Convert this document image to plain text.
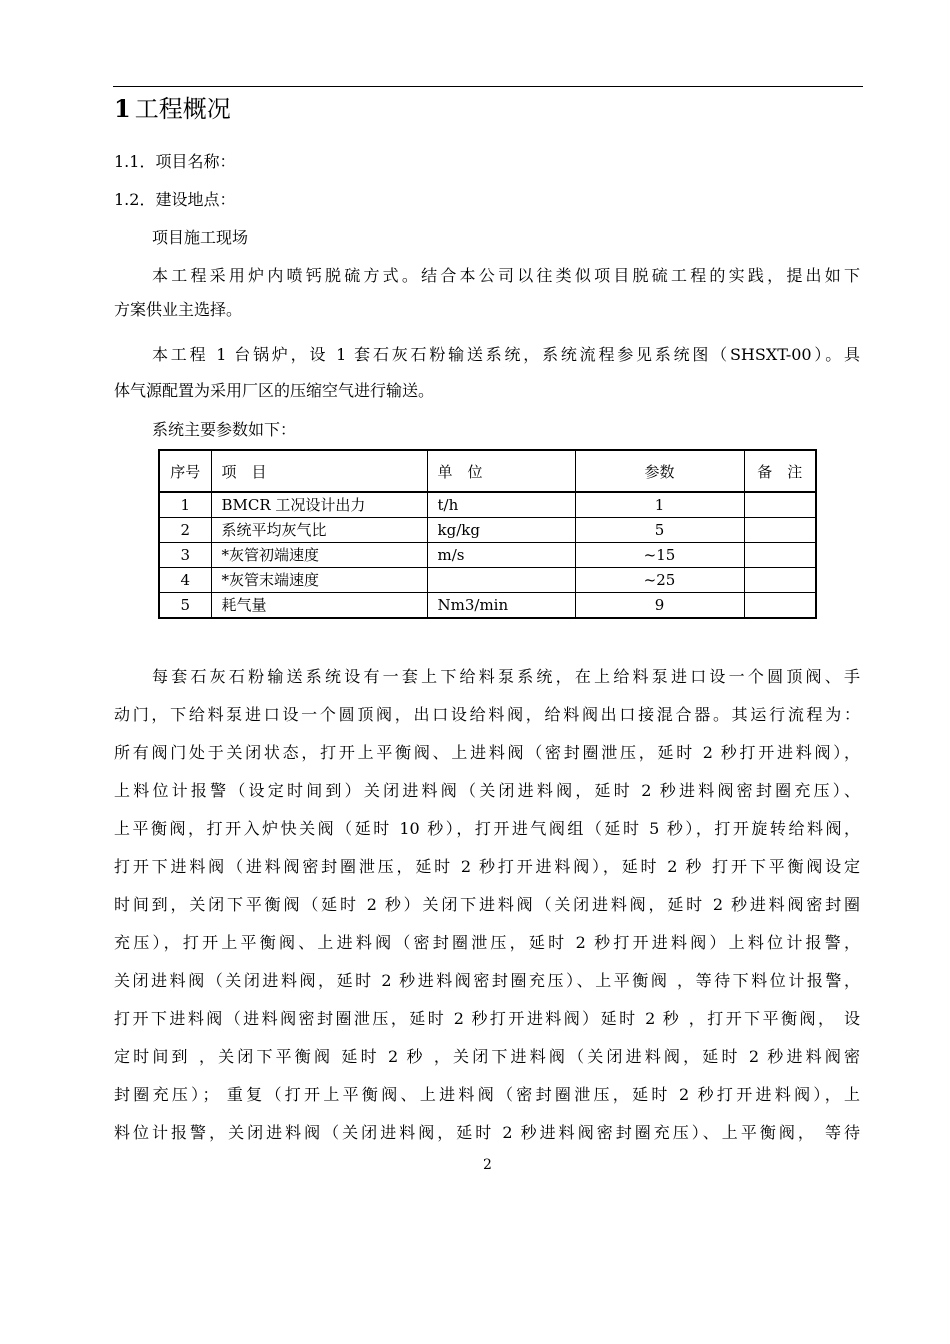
1 工程概况
1.1．项目名称：
1.2．建设地点：
项目施工现场
本工程采用炉内喷钙脱硫方式。结合本公司以往类似项目脱硫工程的实践，提出如下
方案供业主选择。
本工程 1 台锅炉，设 1 套石灰石粉输送系统，系统流程参见系统图（SHSXT-00）。具
体气源配置为采用厂区的压缩空气进行输送。
系统主要参数如下：
序号	项　目	单　位	参数	备　注
1	BMCR 工况设计出力	t/h	1	
2	系统平均灰气比	kg/kg	5	
3	*灰管初端速度	m/s	~15	
4	*灰管末端速度		~25	
5	耗气量	Nm3/min	9	
每套石灰石粉输送系统设有一套上下给料泵系统，在上给料泵进口设一个圆顶阀、手
动门，下给料泵进口设一个圆顶阀，出口设给料阀，给料阀出口接混合器。其运行流程为：
所有阀门处于关闭状态，打开上平衡阀、上进料阀（密封圈泄压，延时 2 秒打开进料阀），
上料位计报警（设定时间到）关闭进料阀（关闭进料阀，延时 2 秒进料阀密封圈充压）、
上平衡阀，打开入炉快关阀（延时 10 秒），打开进气阀组（延时 5 秒），打开旋转给料阀，
打开下进料阀（进料阀密封圈泄压，延时 2 秒打开进料阀），延时 2 秒 打开下平衡阀设定
时间到，关闭下平衡阀（延时 2 秒）关闭下进料阀（关闭进料阀，延时 2 秒进料阀密封圈
充压），打开上平衡阀、上进料阀（密封圈泄压，延时 2 秒打开进料阀）上料位计报警，
关闭进料阀（关闭进料阀，延时 2 秒进料阀密封圈充压）、上平衡阀 ，等待下料位计报警，
打开下进料阀（进料阀密封圈泄压，延时 2 秒打开进料阀）延时 2 秒 ，打开下平衡阀， 设
定时间到 ，关闭下平衡阀 延时 2 秒 ，关闭下进料阀（关闭进料阀，延时 2 秒进料阀密
封圈充压）； 重复（打开上平衡阀、上进料阀（密封圈泄压，延时 2 秒打开进料阀），上
料位计报警，关闭进料阀（关闭进料阀，延时 2 秒进料阀密封圈充压）、上平衡阀， 等待
2
